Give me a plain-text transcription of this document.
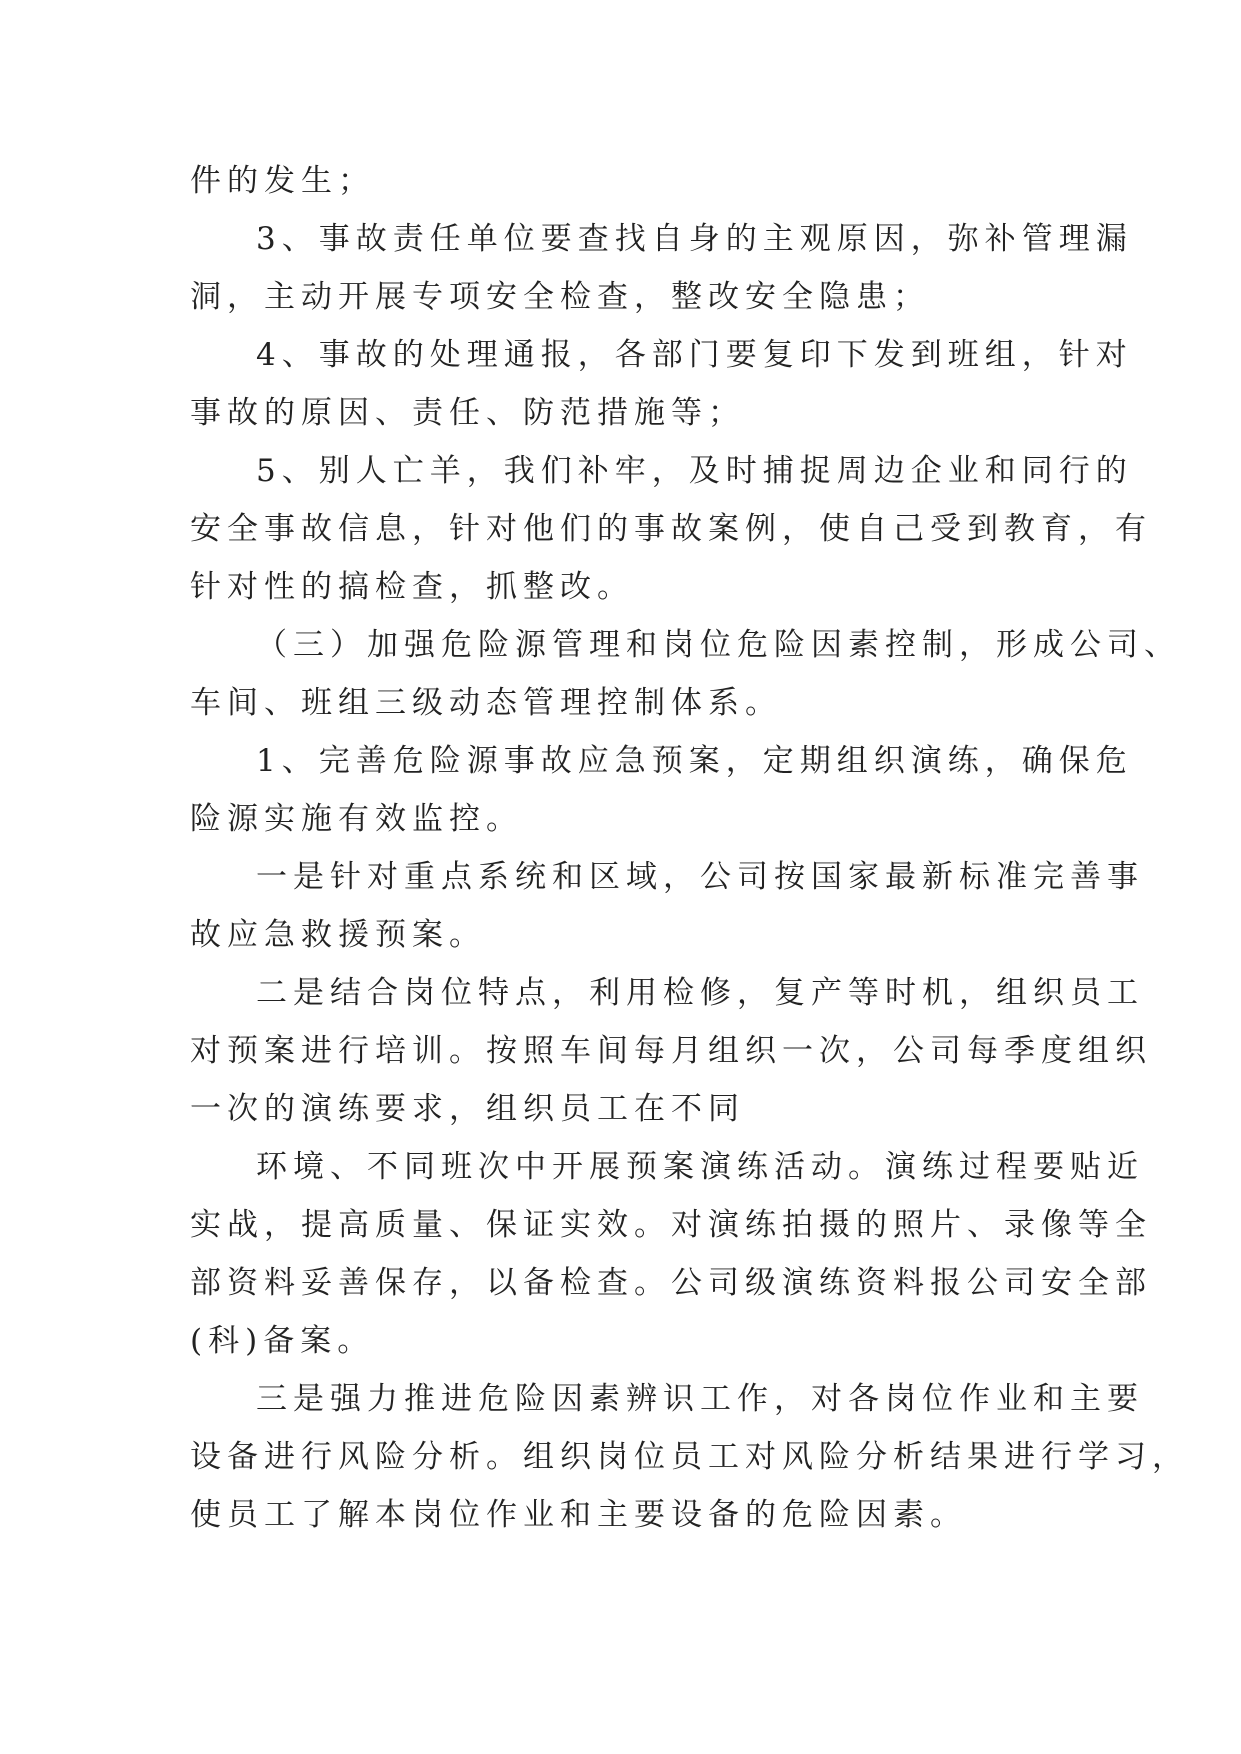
件的发生；
3、事故责任单位要查找自身的主观原因，弥补管理漏
洞，主动开展专项安全检查，整改安全隐患；
4、事故的处理通报，各部门要复印下发到班组，针对
事故的原因、责任、防范措施等；
5、别人亡羊，我们补牢，及时捕捉周边企业和同行的
安全事故信息，针对他们的事故案例，使自己受到教育，有
针对性的搞检查，抓整改。
（三）加强危险源管理和岗位危险因素控制，形成公司、
车间、班组三级动态管理控制体系。
1、完善危险源事故应急预案，定期组织演练，确保危
险源实施有效监控。
一是针对重点系统和区域，公司按国家最新标准完善事
故应急救援预案。
二是结合岗位特点，利用检修，复产等时机，组织员工
对预案进行培训。按照车间每月组织一次，公司每季度组织
一次的演练要求，组织员工在不同
环境、不同班次中开展预案演练活动。演练过程要贴近
实战，提高质量、保证实效。对演练拍摄的照片、录像等全
部资料妥善保存，以备检查。公司级演练资料报公司安全部
(科)备案。
三是强力推进危险因素辨识工作，对各岗位作业和主要
设备进行风险分析。组织岗位员工对风险分析结果进行学习，
使员工了解本岗位作业和主要设备的危险因素。
